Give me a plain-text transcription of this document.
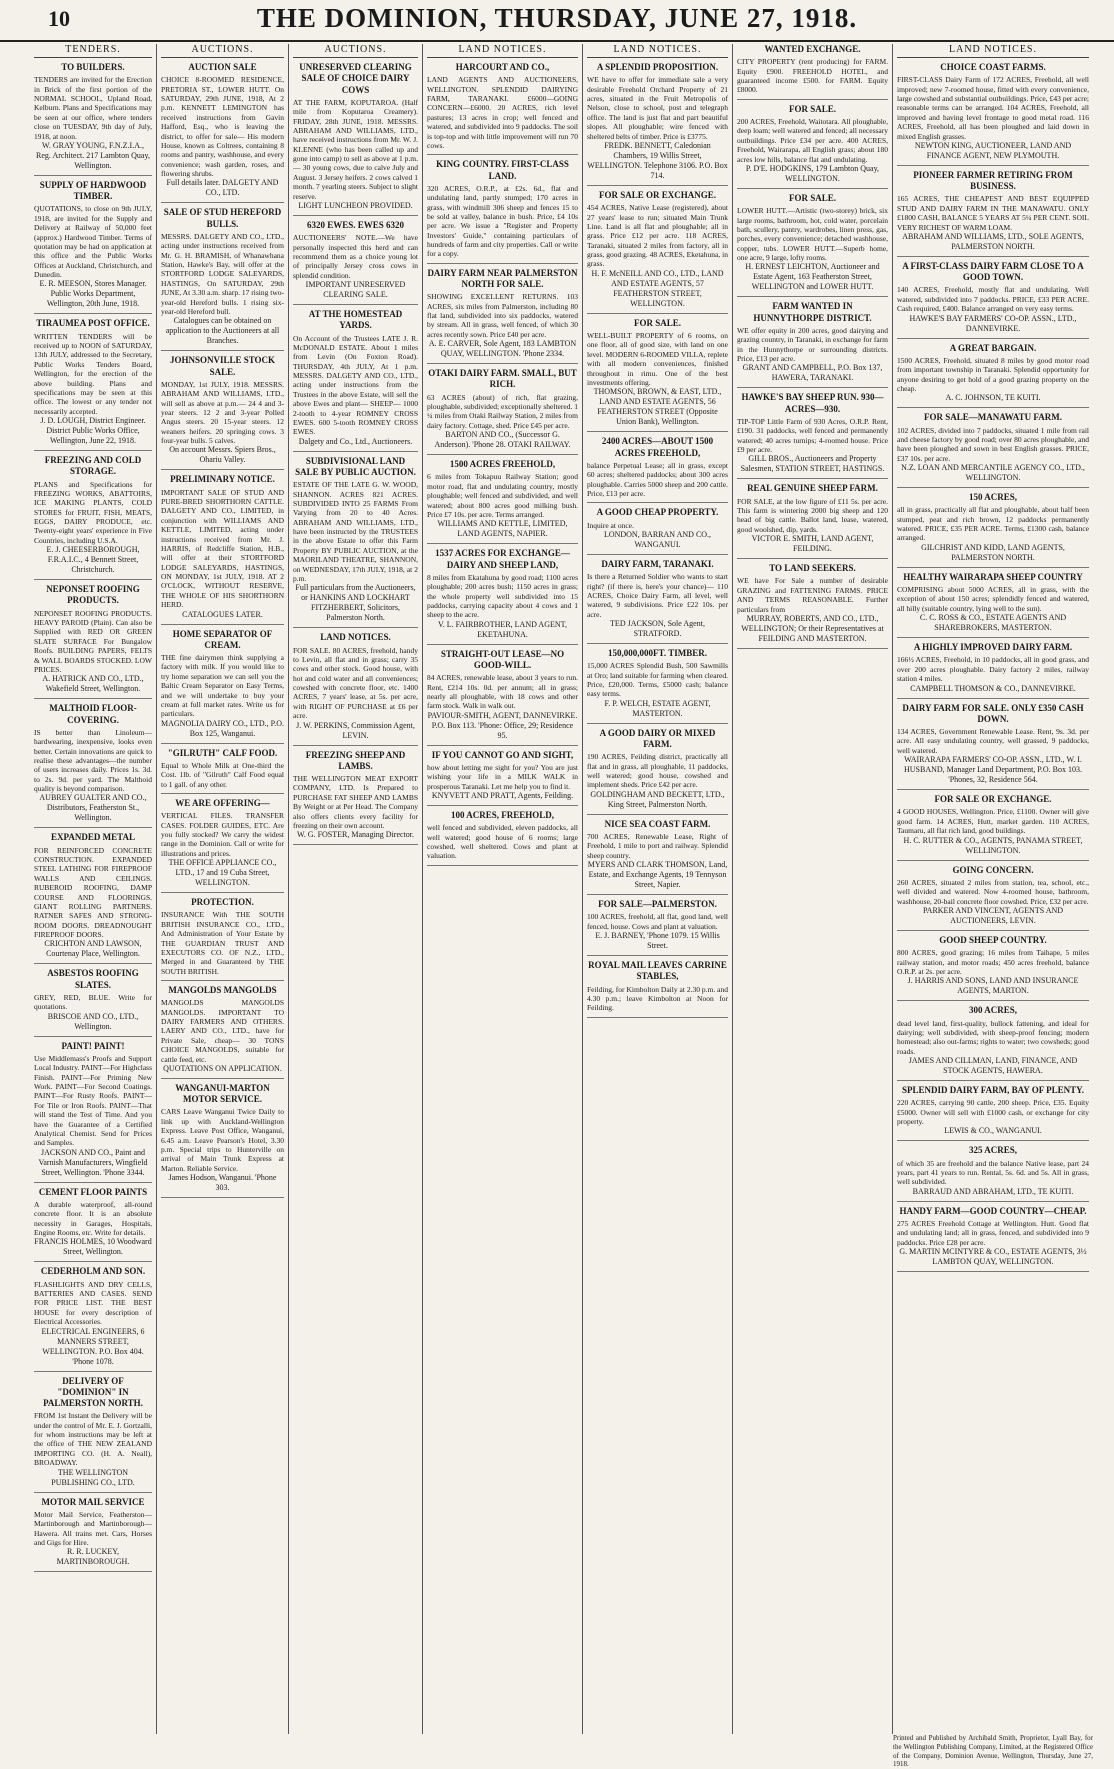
10	THE DOMINION, THURSDAY, JUNE 27, 1918.
TENDERS.
TO BUILDERS.
TENDERS are invited for the Erection in Brick of the first portion of the NORMAL SCHOOL, Upland Road, Kelburn. Plans and Specifications may be seen at our office, where tenders close on TUESDAY, 9th day of July, 1918, at noon.
W. GRAY YOUNG, F.N.Z.I.A., Reg. Architect. 217 Lambton Quay, Wellington.
SUPPLY OF HARDWOOD TIMBER.
QUOTATIONS, to close on 9th JULY, 1918, are invited for the Supply and Delivery at Railway of 50,000 feet (approx.) Hardwood Timber. Terms of quotation may be had on application at this office and the Public Works Offices at Auckland, Christchurch, and Dunedin.
E. R. MEESON, Stores Manager. Public Works Department, Wellington, 20th June, 1918.
TIRAUMEA POST OFFICE.
WRITTEN TENDERS will be received up to NOON of SATURDAY, 13th JULY, addressed to the Secretary, Public Works Tenders Board, Wellington, for the erection of the above building. Plans and specifications may be seen at this office. The lowest or any tender not necessarily accepted.
J. D. LOUGH, District Engineer. District Public Works Office, Wellington, June 22, 1918.
FREEZING AND COLD STORAGE.
PLANS and Specifications for FREEZING WORKS, ABATTOIRS, ICE MAKING PLANTS, COLD STORES for FRUIT, FISH, MEATS, EGGS, DAIRY PRODUCE, etc. Twenty-eight years' experience in Five Countries, including U.S.A.
E. J. CHEESERBOROUGH, F.R.A.I.C., 4 Bennett Street, Christchurch.
NEPONSET ROOFING PRODUCTS.
NEPONSET ROOFING PRODUCTS. HEAVY PAROID (Plain). Can also be Supplied with RED OR GREEN SLATE SURFACE For Bungalow Roofs. BUILDING PAPERS, FELTS & WALL BOARDS STOCKED. LOW PRICES.
A. HATRICK AND CO., LTD., Wakefield Street, Wellington.
MALTHOID FLOOR-COVERING.
IS better than Linoleum—hardwearing, inexpensive, looks even better. Certain innovations are quick to realise these advantages—the number of users increases daily. Prices 1s. 3d. to 2s. 9d. per yard. The Malthoid quality is beyond comparison.
AUBREY GUALTER AND CO., Distributors, Featherston St., Wellington.
EXPANDED METAL
FOR REINFORCED CONCRETE CONSTRUCTION. EXPANDED STEEL LATHING FOR FIREPROOF WALLS AND CEILINGS. RUBEROID ROOFING, DAMP COURSE AND FLOORINGS. GIANT ROLLING PARTNERS. RATNER SAFES AND STRONG-ROOM DOORS. DREADNOUGHT FIREPROOF DOORS.
CRICHTON AND LAWSON, Courtenay Place, Wellington.
ASBESTOS ROOFING SLATES.
GREY, RED, BLUE. Write for quotations.
BRISCOE AND CO., LTD., Wellington.
PAINT! PAINT!
Use Middlemass's Proofs and Support Local Industry. PAINT—For Highclass Finish. PAINT—For Priming New Work. PAINT—For Second Coatings. PAINT—For Rusty Roofs. PAINT—For Tile or Iron Roofs. PAINT—That will stand the Test of Time. And you have the Guarantee of a Certified Analytical Chemist. Send for Prices and Samples.
JACKSON AND CO., Paint and Varnish Manufacturers, Wingfield Street, Wellington. 'Phone 3344.
CEMENT FLOOR PAINTS
A durable waterproof, all-round concrete floor. It is an absolute necessity in Garages, Hospitals, Engine Rooms, etc. Write for details.
FRANCIS HOLMES, 10 Woodward Street, Wellington.
CEDERHOLM AND SON.
FLASHLIGHTS AND DRY CELLS, BATTERIES AND CASES. SEND FOR PRICE LIST. THE BEST HOUSE for every description of Electrical Accessories.
ELECTRICAL ENGINEERS, 6 MANNERS STREET, WELLINGTON. P.O. Box 404. 'Phone 1078.
DELIVERY OF "DOMINION" IN PALMERSTON NORTH.
FROM 1st Instant the Delivery will be under the control of Mr. E. J. Gortzalli, for whom instructions may be left at the office of THE NEW ZEALAND IMPORTING CO. (H. A. Neall), BROADWAY.
THE WELLINGTON PUBLISHING CO., LTD.
MOTOR MAIL SERVICE
Motor Mail Service, Featherston—Martinborough and Martinborough—Hawera. All trains met. Cars, Horses and Gigs for Hire.
R. R. LUCKEY, MARTINBOROUGH.
AUCTIONS.
AUCTION SALE
CHOICE 8-ROOMED RESIDENCE, PRETORIA ST., LOWER HUTT. On SATURDAY, 29th JUNE, 1918, At 2 p.m. KENNETT LEMINGTON has received instructions from Gavin Hafford, Esq., who is leaving the district, to offer for sale— His modern House, known as Coltrees, containing 8 rooms and pantry, washhouse, and every convenience; wash garden, roses, and flowering shrubs.
Full details later. DALGETY AND CO., LTD.
SALE OF STUD HEREFORD BULLS.
MESSRS. DALGETY AND CO., LTD., acting under instructions received from Mr. G. H. BRAMISH, of Whanawhana Station, Hawke's Bay, will offer at the STORTFORD LODGE SALEYARDS, HASTINGS, On SATURDAY, 29th JUNE, At 3.30 a.m. sharp. 17 rising two-year-old Hereford bulls. 1 rising six-year-old Hereford bull.
Catalogues can be obtained on application to the Auctioneers at all Branches.
JOHNSONVILLE STOCK SALE.
MONDAY, 1st JULY, 1918. MESSRS. ABRAHAM AND WILLIAMS, LTD., will sell as above at p.m.— 24 4 and 3-year steers. 12 2 and 3-year Polled Angus steers. 20 15-year steers. 12 weaners heifers. 20 springing cows. 3 four-year bulls. 5 calves.
On account Messrs. Spiers Bros., Ohariu Valley.
PRELIMINARY NOTICE.
IMPORTANT SALE OF STUD AND PURE-BRED SHORTHORN CATTLE. DALGETY AND CO., LIMITED, in conjunction with WILLIAMS AND KETTLE, LIMITED, acting under instructions received from Mr. J. HARRIS, of Redcliffe Station, H.B., will offer at their STORTFORD LODGE SALEYARDS, HASTINGS, ON MONDAY, 1st JULY, 1918. AT 2 O'CLOCK, WITHOUT RESERVE, THE WHOLE OF HIS SHORTHORN HERD.
CATALOGUES LATER.
HOME SEPARATOR OF CREAM.
THE fine dairymen think supplying a factory with milk. If you would like to try home separation we can sell you the Baltic Cream Separator on Easy Terms, and we will undertake to buy your cream at full market rates. Write us for particulars.
MAGNOLIA DAIRY CO., LTD., P.O. Box 125, Wanganui.
"GILRUTH" CALF FOOD.
Equal to Whole Milk at One-third the Cost. 1lb. of "Gilruth" Calf Food equal to 1 gall. of any other.
WE ARE OFFERING—
VERTICAL FILES. TRANSFER CASES. FOLDER GUIDES, ETC. Are you fully stocked? We carry the widest range in the Dominion. Call or write for illustrations and prices.
THE OFFICE APPLIANCE CO., LTD., 17 and 19 Cuba Street, WELLINGTON.
PROTECTION.
INSURANCE With THE SOUTH BRITISH INSURANCE CO., LTD., And Administration of Your Estate by THE GUARDIAN TRUST AND EXECUTORS CO. OF N.Z., LTD., Merged in and Guaranteed by THE SOUTH BRITISH.
MANGOLDS MANGOLDS
MANGOLDS MANGOLDS MANGOLDS. IMPORTANT TO DAIRY FARMERS AND OTHERS. LAERY AND CO., LTD., have for Private Sale, cheap— 30 TONS CHOICE MANGOLDS, suitable for cattle feed, etc.
QUOTATIONS ON APPLICATION.
WANGANUI-MARTON MOTOR SERVICE.
CARS Leave Wanganui Twice Daily to link up with Auckland-Wellington Express. Leave Post Office, Wanganui, 6.45 a.m. Leave Pearson's Hotel, 3.30 p.m. Special trips to Hunterville on arrival of Main Trunk Express at Marton. Reliable Service.
James Hodson, Wanganui. 'Phone 303.
AUCTIONS.
UNRESERVED CLEARING SALE OF CHOICE DAIRY COWS
AT THE FARM, KOPUTAROA. (Half mile from Koputaroa Creamery). FRIDAY, 28th JUNE, 1918. MESSRS. ABRAHAM AND WILLIAMS, LTD., have received instructions from Mr. W. J. KLENNE (who has been called up and gone into camp) to sell as above at 1 p.m.— 30 young cows, due to calve July and August. 3 Jersey heifers. 2 cows calved 1 month. 7 yearling steers. Subject to slight reserve.
LIGHT LUNCHEON PROVIDED.
6320 EWES. EWES 6320
AUCTIONEERS' NOTE.—We have personally inspected this herd and can recommend them as a choice young lot of principally Jersey cross cows in splendid condition.
IMPORTANT UNRESERVED CLEARING SALE.
AT THE HOMESTEAD YARDS.
On Account of the Trustees LATE J. R. McDONALD ESTATE. About 1 miles from Levin (On Foxton Road). THURSDAY, 4th JULY, At 1 p.m. MESSRS. DALGETY AND CO., LTD., acting under instructions from the Trustees in the above Estate, will sell the above Ewes and plant— SHEEP— 1000 2-tooth to 4-year ROMNEY CROSS EWES. 600 5-tooth ROMNEY CROSS EWES.
Dalgety and Co., Ltd., Auctioneers.
SUBDIVISIONAL LAND SALE BY PUBLIC AUCTION.
ESTATE OF THE LATE G. W. WOOD, SHANNON. ACRES 821 ACRES. SUBDIVIDED INTO 25 FARMS From Varying from 20 to 40 Acres. ABRAHAM AND WILLIAMS, LTD., have been instructed by the TRUSTEES in the above Estate to offer this Farm Property BY PUBLIC AUCTION, at the MAORILAND THEATRE, SHANNON, on WEDNESDAY, 17th JULY, 1918, at 2 p.m.
Full particulars from the Auctioneers, or HANKINS AND LOCKHART FITZHERBERT, Solicitors, Palmerston North.
LAND NOTICES.
FOR SALE. 80 ACRES, freehold, handy to Levin, all flat and in grass; carry 35 cows and other stock. Good house, with hot and cold water and all conveniences; cowshed with concrete floor, etc. 1400 ACRES, 7 years' lease, at 5s. per acre, with RIGHT OF PURCHASE at £6 per acre.
J. W. PERKINS, Commission Agent, LEVIN.
FREEZING SHEEP AND LAMBS.
THE WELLINGTON MEAT EXPORT COMPANY, LTD. Is Prepared to PURCHASE FAT SHEEP AND LAMBS By Weight or at Per Head. The Company also offers clients every facility for freezing on their own account.
W. G. FOSTER, Managing Director.
LAND NOTICES.
HARCOURT AND CO.,
LAND AGENTS AND AUCTIONEERS, WELLINGTON. SPLENDID DAIRYING FARM, TARANAKI. £6000—GOING CONCERN—£6000. 20 ACRES, rich level pastures; 13 acres in crop; well fenced and watered, and subdivided into 9 paddocks. The soil is top-top and with little improvement will run 70 cows.
KING COUNTRY. FIRST-CLASS LAND.
320 ACRES, O.R.P., at £2s. 6d., flat and undulating land, partly stumped; 170 acres in grass, with windmill 306 sheep and fences 15 to be sold at valley, balance in bush. Price, £4 10s per acre. We issue a "Register and Property Investors' Guide," containing particulars of hundreds of farm and city properties. Call or write for a copy.
DAIRY FARM NEAR PALMERSTON NORTH FOR SALE.
SHOWING EXCELLENT RETURNS. 103 ACRES, six miles from Palmerston, including 80 flat land, subdivided into six paddocks, watered by stream. All in grass, well fenced, of which 30 acres recently sown. Price £40 per acre.
A. E. CARVER, Sole Agent, 183 LAMBTON QUAY, WELLINGTON. 'Phone 2334.
OTAKI DAIRY FARM. SMALL, BUT RICH.
63 ACRES (about) of rich, flat grazing, ploughable, subdivided; exceptionally sheltered. 1 ¼ miles from Otaki Railway Station, 2 miles from dairy factory. Cottage, shed. Price £45 per acre.
BARTON AND CO., (Successor G. Anderson). 'Phone 28. OTAKI RAILWAY.
1500 ACRES FREEHOLD,
6 miles from Tokapuu Railway Station; good motor road, flat and undulating country, mostly ploughable; well fenced and subdivided, and well watered; about 800 acres good milking bush. Price £7 10s. per acre. Terms arranged.
WILLIAMS AND KETTLE, LIMITED, LAND AGENTS, NAPIER.
1537 ACRES FOR EXCHANGE—DAIRY AND SHEEP LAND,
8 miles from Ekatahuna by good road; 1100 acres ploughable; 200 acres bush; 1150 acres in grass; the whole property well subdivided into 15 paddocks, carrying capacity about 4 cows and 1 sheep to the acre.
V. L. FAIRBROTHER, LAND AGENT, EKETAHUNA.
STRAIGHT-OUT LEASE—NO GOOD-WILL.
84 ACRES, renewable lease, about 3 years to run. Rent, £214 10s. 0d. per annum; all in grass; nearly all ploughable, with 18 cows and other farm stock. Walk in walk out.
PAVIOUR-SMITH, AGENT, DANNEVIRKE. P.O. Box 113. 'Phone: Office, 29; Residence 95.
IF YOU CANNOT GO AND SIGHT,
how about letting me sight for you? You are just wishing your life in a MILK WALK in prosperous Taranaki. Let me help you to find it.
KNYVETT AND PRATT, Agents, Feilding.
100 ACRES, FREEHOLD,
well fenced and subdivided, eleven paddocks, all well watered; good house of 6 rooms; large cowshed, well sheltered. Cows and plant at valuation.
LAND NOTICES.
A SPLENDID PROPOSITION.
WE have to offer for immediate sale a very desirable Freehold Orchard Property of 21 acres, situated in the Fruit Metropolis of Nelson, close to school, post and telegraph office. The land is just flat and part beautiful slopes. All ploughable; wire fenced with sheltered belts of timber. Price is £3775.
FREDK. BENNETT, Caledonian Chambers, 19 Willis Street, WELLINGTON. Telephone 3106. P.O. Box 714.
FOR SALE OR EXCHANGE.
454 ACRES, Native Lease (registered), about 27 years' lease to run; situated Main Trunk Line. Land is all flat and ploughable; all in grass. Price £12 per acre. 118 ACRES, Taranaki, situated 2 miles from factory, all in grass, good grazing. 48 ACRES, Eketahuna, in grass.
H. F. McNEILL AND CO., LTD., LAND AND ESTATE AGENTS, 57 FEATHERSTON STREET, WELLINGTON.
FOR SALE.
WELL-BUILT PROPERTY of 6 rooms, on one floor, all of good size, with land on one level. MODERN 6-ROOMED VILLA, replete with all modern conveniences, finished throughout in rimu. One of the best investments offering.
THOMSON, BROWN, & EAST, LTD., LAND AND ESTATE AGENTS, 56 FEATHERSTON STREET (Opposite Union Bank), Wellington.
2400 ACRES—ABOUT 1500 ACRES FREEHOLD,
balance Perpetual Lease; all in grass, except 60 acres; sheltered paddocks; about 300 acres ploughable. Carries 5000 sheep and 200 cattle. Price, £13 per acre.
A GOOD CHEAP PROPERTY.
Inquire at once.
LONDON, BARRAN AND CO., WANGANUI.
DAIRY FARM, TARANAKI.
Is there a Returned Soldier who wants to start right? (if there is, here's your chance)— 110 ACRES, Choice Dairy Farm, all level, well watered, 9 subdivisions. Price £22 10s. per acre.
TED JACKSON, Sole Agent, STRATFORD.
150,000,000FT. TIMBER.
15,000 ACRES Splendid Bush, 500 Sawmills at Oro; land suitable for farming when cleared. Price, £20,000. Terms, £5000 cash; balance easy terms.
F. P. WELCH, ESTATE AGENT, MASTERTON.
A GOOD DAIRY OR MIXED FARM.
190 ACRES, Feilding district, practically all flat and in grass, all ploughable, 11 paddocks, well watered; good house, cowshed and implement sheds. Price £42 per acre.
GOLDINGHAM AND BECKETT, LTD., King Street, Palmerston North.
NICE SEA COAST FARM.
700 ACRES, Renewable Lease, Right of Freehold, 1 mile to port and railway. Splendid sheep country.
MYERS AND CLARK THOMSON, Land, Estate, and Exchange Agents, 19 Tennyson Street, Napier.
FOR SALE—PALMERSTON.
100 ACRES, freehold, all flat, good land, well fenced, house. Cows and plant at valuation.
E. J. BARNEY, 'Phone 1079. 15 Willis Street.
ROYAL MAIL LEAVES CARRINE STABLES,
Feilding, for Kimbolton Daily at 2.30 p.m. and 4.30 p.m.; leave Kimbolton at Noon for Feilding.
WANTED EXCHANGE.
CITY PROPERTY (rent producing) for FARM. Equity £900. FREEHOLD HOTEL, and guaranteed income £500. for FARM. Equity £8000.
FOR SALE.
200 ACRES, Freehold, Waitotara. All ploughable, deep loam; well watered and fenced; all necessary outbuildings. Price £34 per acre. 400 ACRES, Freehold, Wairarapa, all English grass; about 180 acres low hills, balance flat and undulating.
P. D'E. HODGKINS, 179 Lambton Quay, WELLINGTON.
FOR SALE.
LOWER HUTT.—Artistic (two-storey) brick, six large rooms, bathroom, hot, cold water, porcelain bath, scullery, pantry, wardrobes, linen press, gas, porches, every convenience; detached washhouse, copper, tubs. LOWER HUTT.—Superb home, one acre, 9 large, lofty rooms.
H. ERNEST LEICHTON, Auctioneer and Estate Agent, 163 Featherston Street, WELLINGTON and LOWER HUTT.
FARM WANTED IN HUNNYTHORPE DISTRICT.
WE offer equity in 200 acres, good dairying and grazing country, in Taranaki, in exchange for farm in the Hunnythorpe or surrounding districts. Price, £13 per acre.
GRANT AND CAMPBELL, P.O. Box 137, HAWERA, TARANAKI.
HAWKE'S BAY SHEEP RUN. 930—ACRES—930.
TIP-TOP Little Farm of 930 Acres, O.R.P. Rent, £190. 31 paddocks, well fenced and permanently watered; 40 acres turnips; 4-roomed house. Price £9 per acre.
GILL BROS., Auctioneers and Property Salesmen, STATION STREET, HASTINGS.
REAL GENUINE SHEEP FARM.
FOR SALE, at the low figure of £11 5s. per acre. This farm is wintering 2000 big sheep and 120 head of big cattle. Ballot land, lease, watered, good woolshed, dip, yards.
VICTOR E. SMITH, LAND AGENT, FEILDING.
TO LAND SEEKERS.
WE have For Sale a number of desirable GRAZING and FATTENING FARMS. PRICE AND TERMS REASONABLE. Further particulars from
MURRAY, ROBERTS, AND CO., LTD., WELLINGTON; Or their Representatives at FEILDING AND MASTERTON.
LAND NOTICES.
CHOICE COAST FARMS.
FIRST-CLASS Dairy Farm of 172 ACRES, Freehold, all well improved; new 7-roomed house, fitted with every convenience, large cowshed and substantial outbuildings. Price, £43 per acre; reasonable terms can be arranged. 104 ACRES, Freehold, all improved and having level frontage to good metal road. 116 ACRES, Freehold, all has been ploughed and laid down in mixed English grasses.
NEWTON KING, AUCTIONEER, LAND AND FINANCE AGENT, NEW PLYMOUTH.
PIONEER FARMER RETIRING FROM BUSINESS.
165 ACRES, THE CHEAPEST AND BEST EQUIPPED STUD AND DAIRY FARM IN THE MANAWATU. ONLY £1800 CASH, BALANCE 5 YEARS AT 5¼ PER CENT. SOIL VERY RICHEST OF WARM LOAM.
ABRAHAM AND WILLIAMS, LTD., SOLE AGENTS, PALMERSTON NORTH.
A FIRST-CLASS DAIRY FARM CLOSE TO A GOOD TOWN.
140 ACRES, Freehold, mostly flat and undulating. Well watered, subdivided into 7 paddocks. PRICE, £33 PER ACRE. Cash required, £400. Balance arranged on very easy terms.
HAWKE'S BAY FARMERS' CO-OP. ASSN., LTD., DANNEVIRKE.
A GREAT BARGAIN.
1500 ACRES, Freehold, situated 8 miles by good motor road from important township in Taranaki. Splendid opportunity for anyone desiring to get hold of a good grazing property on the cheap.
A. C. JOHNSON, TE KUITI.
FOR SALE—MANAWATU FARM.
102 ACRES, divided into 7 paddocks, situated 1 mile from rail and cheese factory by good road; over 80 acres ploughable, and have been ploughed and sown in best English grasses. PRICE, £37 10s. per acre.
N.Z. LOAN AND MERCANTILE AGENCY CO., LTD., WELLINGTON.
150 ACRES,
all in grass, practically all flat and ploughable, about half been stumped, peat and rich brown, 12 paddocks permanently watered. PRICE, £35 PER ACRE. Terms, £1300 cash, balance arranged.
GILCHRIST AND KIDD, LAND AGENTS, PALMERSTON NORTH.
HEALTHY WAIRARAPA SHEEP COUNTRY
COMPRISING about 5000 ACRES, all in grass, with the exception of about 150 acres; splendidly fenced and watered, all hilly (suitable country, lying well to the sun).
C. C. ROSS & CO., ESTATE AGENTS AND SHAREBROKERS, MASTERTON.
A HIGHLY IMPROVED DAIRY FARM.
166½ ACRES, Freehold, in 10 paddocks, all in good grass, and over 200 acres ploughable. Dairy factory 2 miles, railway station 4 miles.
CAMPBELL THOMSON & CO., DANNEVIRKE.
DAIRY FARM FOR SALE. ONLY £350 CASH DOWN.
134 ACRES, Government Renewable Lease. Rent, 9s. 3d. per acre. All easy undulating country, well grassed, 9 paddocks, well watered.
WAIRARAPA FARMERS' CO-OP. ASSN., LTD., W. I. HUSBAND, Manager Land Department, P.O. Box 103. 'Phones, 32, Residence 564.
FOR SALE OR EXCHANGE.
4 GOOD HOUSES, Wellington. Price, £1100. Owner will give good farm. 14 ACRES, Hutt, market garden. 110 ACRES, Taumaru, all flat rich land, good buildings.
H. C. RUTTER & CO., AGENTS, PANAMA STREET, WELLINGTON.
GOING CONCERN.
260 ACRES, situated 2 miles from station, tea, school, etc., well divided and watered. Now 4-roomed house, bathroom, washhouse, 20-bail concrete floor cowshed. Price, £32 per acre.
PARKER AND VINCENT, AGENTS AND AUCTIONEERS, LEVIN.
GOOD SHEEP COUNTRY.
800 ACRES, good grazing; 16 miles from Taihape, 5 miles railway station, and motor roads; 450 acres freehold, balance O.R.P. at 2s. per acre.
J. HARRIS AND SONS, LAND AND INSURANCE AGENTS, MARTON.
300 ACRES,
dead level land, first-quality, bullock fattening, and ideal for dairying; well subdivided, with sheep-proof fencing; modern homestead; also out-farms; rights to water; two cowsheds; good roads.
JAMES AND CILLMAN, LAND, FINANCE, AND STOCK AGENTS, HAWERA.
SPLENDID DAIRY FARM, BAY OF PLENTY.
220 ACRES, carrying 90 cattle, 200 sheep. Price, £35. Equity £5000. Owner will sell with £1000 cash, or exchange for city property.
LEWIS & CO., WANGANUI.
325 ACRES,
of which 35 are freehold and the balance Native lease, part 24 years, part 41 years to run. Rental, 5s. 6d. and 5s. All in grass, well subdivided.
BARRAUD AND ABRAHAM, LTD., TE KUITI.
HANDY FARM—GOOD COUNTRY—CHEAP.
275 ACRES Freehold Cottage at Wellington. Hutt. Good flat and undulating land; all in grass, fenced, and subdivided into 9 paddocks. Price £28 per acre.
G. MARTIN MCINTYRE & CO., ESTATE AGENTS, 3½ LAMBTON QUAY, WELLINGTON.
Printed and Published by Archibald Smith, Proprietor, Lyall Bay, for the Wellington Publishing Company, Limited, at the Registered Office of the Company, Dominion Avenue, Wellington, Thursday, June 27, 1918.
